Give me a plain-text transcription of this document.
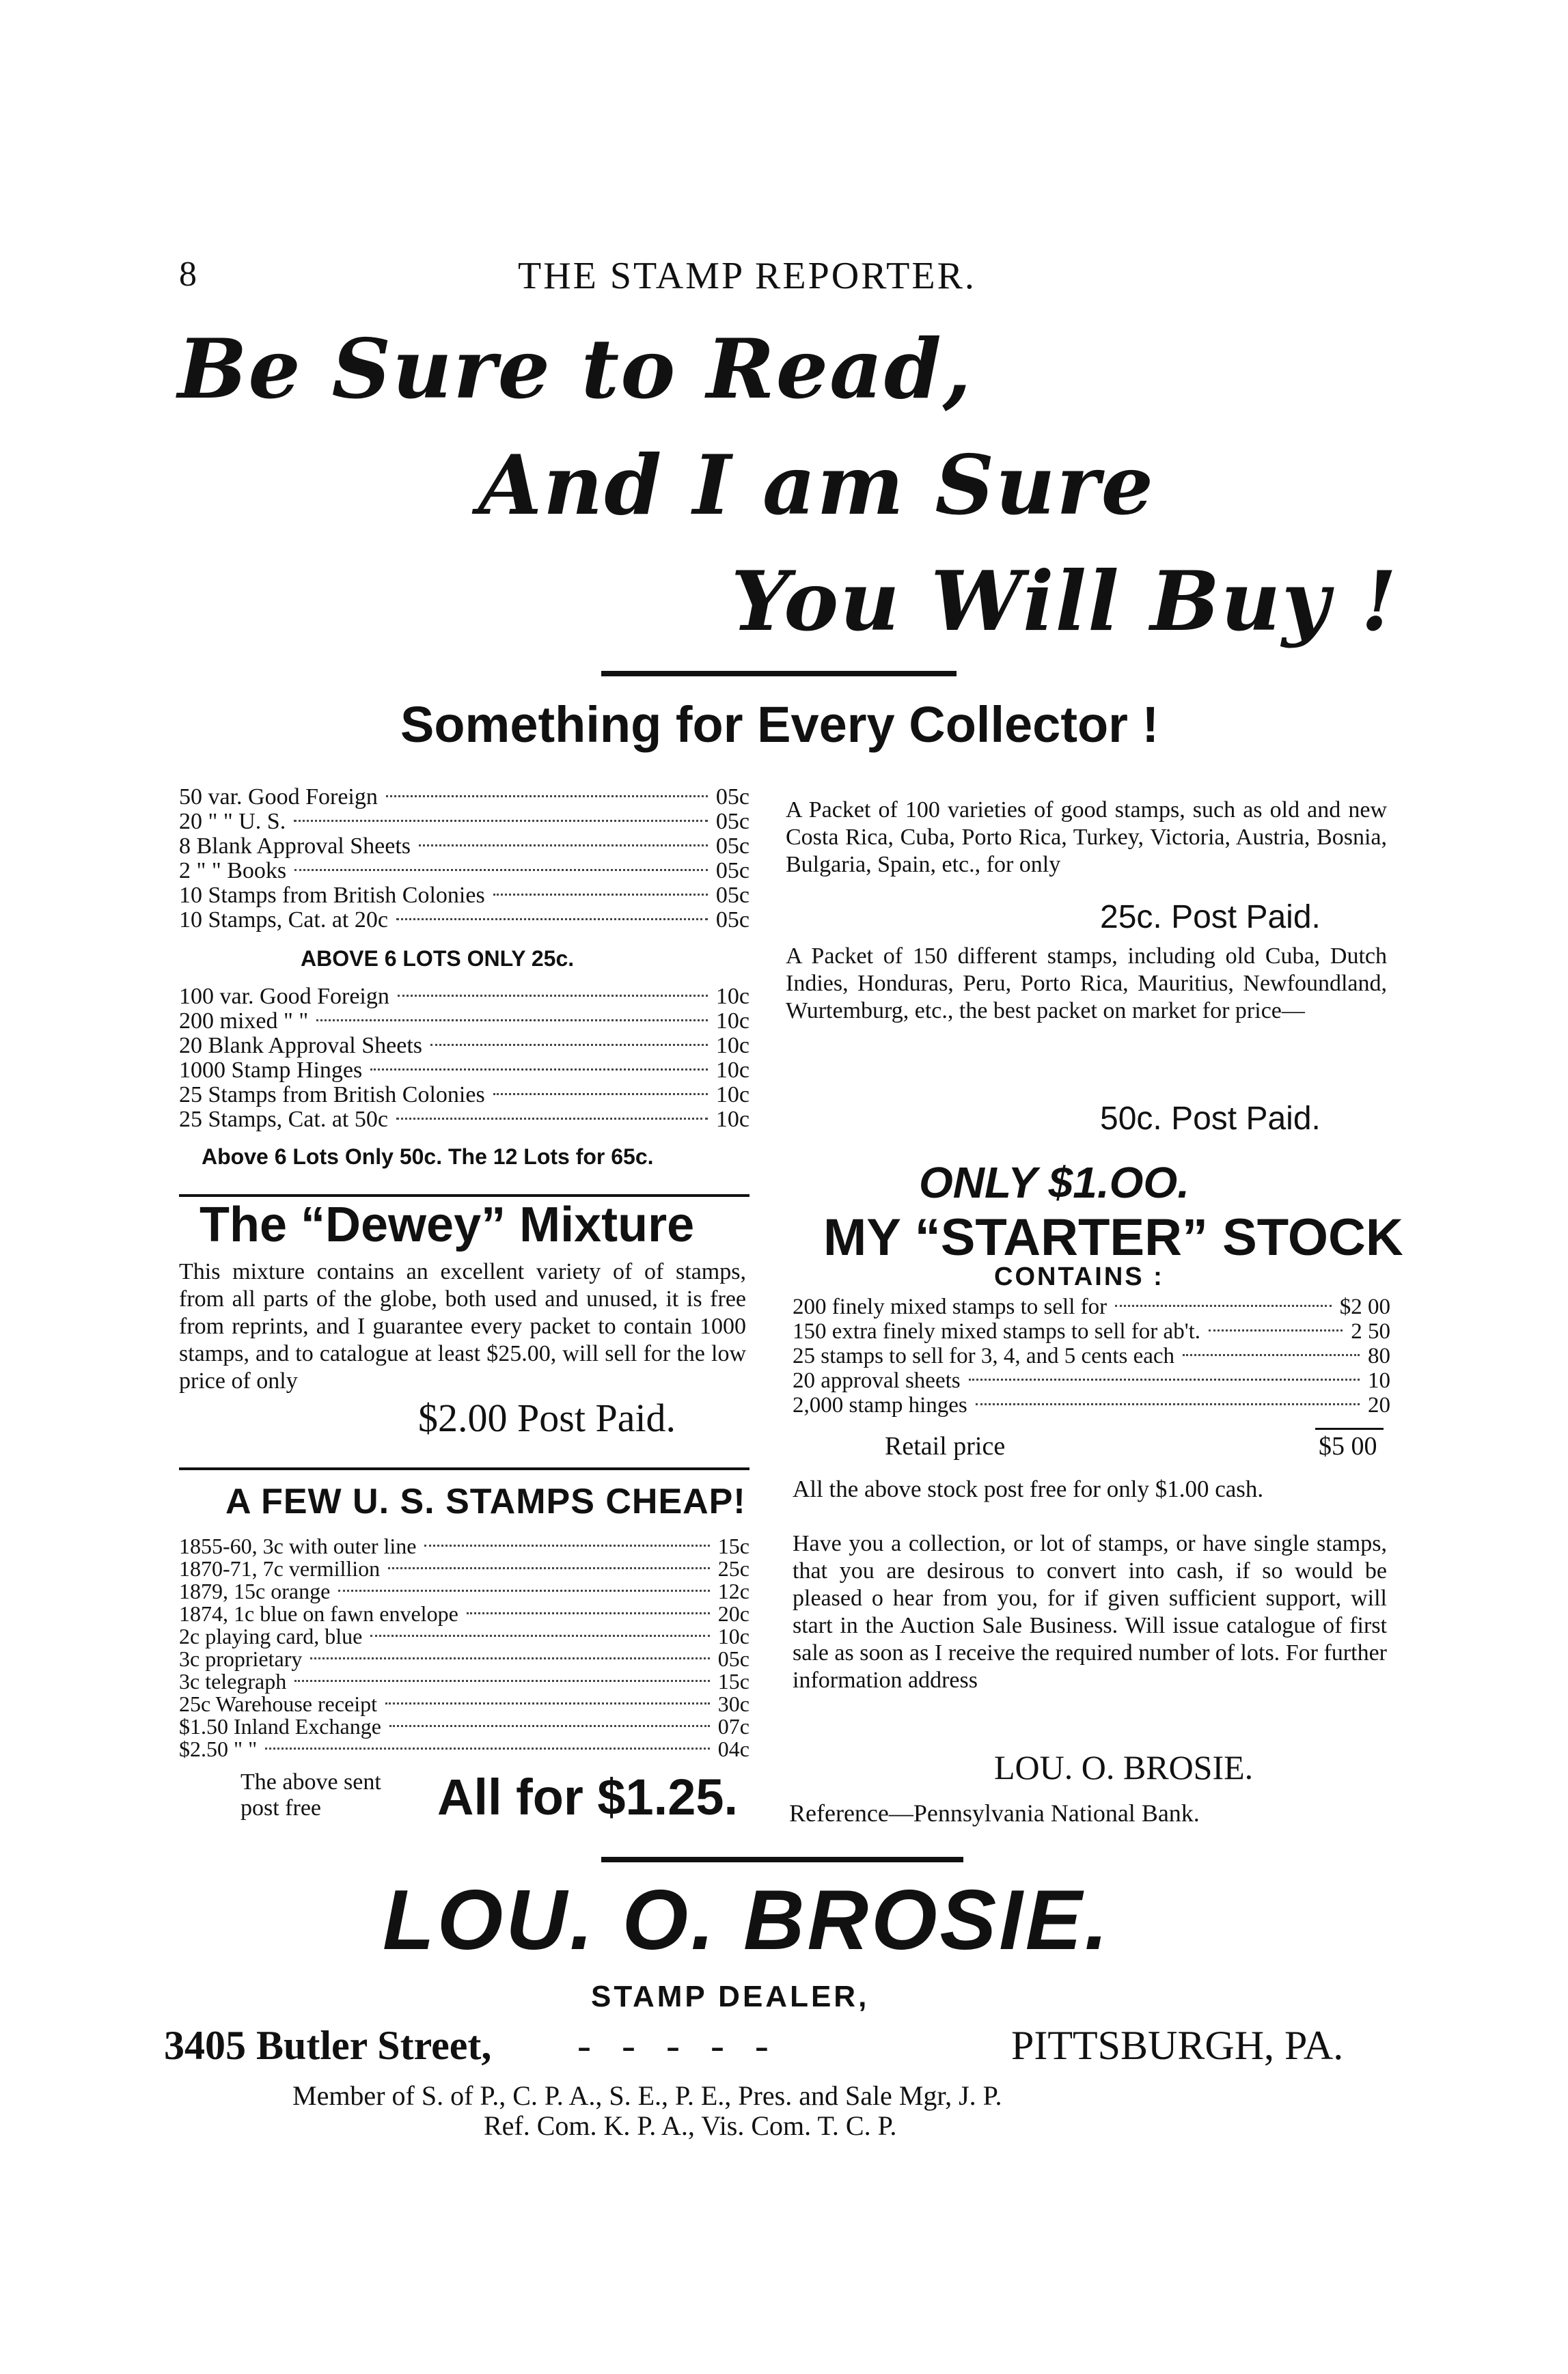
8	THE STAMP REPORTER.
Be Sure to Read,
And I am Sure
You Will Buy !
Something for Every Collector !
50 var. Good Foreign	05c
20 " " U. S.	05c
8 Blank Approval Sheets	05c
2 " " Books	05c
10 Stamps from British Colonies	05c
10 Stamps, Cat. at 20c	05c
ABOVE 6 LOTS ONLY 25c.
100 var. Good Foreign	10c
200 mixed " "	10c
20 Blank Approval Sheets	10c
1000 Stamp Hinges	10c
25 Stamps from British Colonies	10c
25 Stamps, Cat. at 50c	10c
Above 6 Lots Only 50c. The 12 Lots for 65c.
The “Dewey” Mixture
This mixture contains an excellent variety of of stamps, from all parts of the globe, both used and unused, it is free from reprints, and I guarantee every packet to contain 1000 stamps, and to catalogue at least $25.00, will sell for the low price of only
$2.00 Post Paid.
A FEW U. S. STAMPS CHEAP!
1855-60, 3c with outer line	15c
1870-71, 7c vermillion	25c
1879, 15c orange	12c
1874, 1c blue on fawn envelope	20c
2c playing card, blue	10c
3c proprietary	05c
3c telegraph	15c
25c Warehouse receipt	30c
$1.50 Inland Exchange	07c
$2.50 " "	04c
The above sent
post free All for $1.25.
A Packet of 100 varieties of good stamps, such as old and new Costa Rica, Cuba, Porto Rica, Turkey, Victoria, Austria, Bosnia, Bulgaria, Spain, etc., for only
25c. Post Paid.
A Packet of 150 different stamps, including old Cuba, Dutch Indies, Honduras, Peru, Porto Rica, Mauritius, Newfoundland, Wurtemburg, etc., the best packet on market for price—
50c. Post Paid.
ONLY $1.OO.
MY “STARTER” STOCK
CONTAINS :
200 finely mixed stamps to sell for	$2 00
150 extra finely mixed stamps to sell for ab't.	2 50
25 stamps to sell for 3, 4, and 5 cents each	80
20 approval sheets	10
2,000 stamp hinges	20
Retail price	$5 00
All the above stock post free for only $1.00 cash.
Have you a collection, or lot of stamps, or have single stamps, that you are desirous to convert into cash, if so would be pleased o hear from you, for if given sufficient support, will start in the Auction Sale Business. Will issue catalogue of first sale as soon as I receive the required number of lots. For further information address
LOU. O. BROSIE.
Reference—Pennsylvania National Bank.
LOU. O. BROSIE.
STAMP DEALER,
3405 Butler Street, -   -   -   -   -	PITTSBURGH, PA.
Member of S. of P., C. P. A., S. E., P. E., Pres. and Sale Mgr, J. P.
Ref. Com. K. P. A., Vis. Com. T. C. P.
